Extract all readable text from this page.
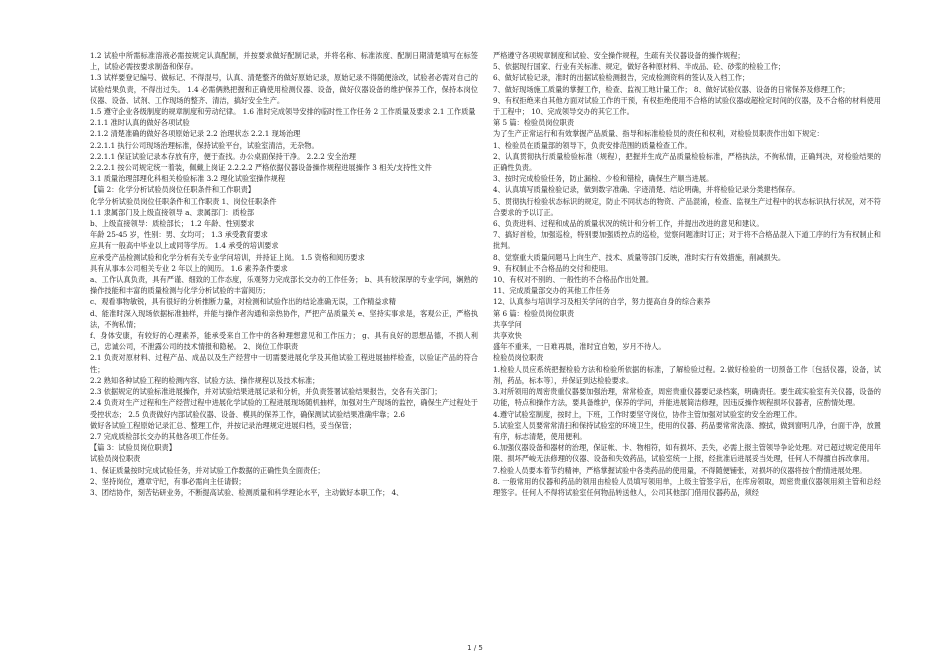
1.2 试验中所需标准溶液必需按规定认真配制，并按要求做好配制记录，并将名称、标准浓度、配制日期清楚填写在标签上，试验必需按要求制备和保存。

1.3 试样要登记编号、做标记、不得混号，认真、清楚整齐的做好原始记录，原始记录不得随便涂改，试验者必需对自己的试验结果负责，不得出过失。 1.4 必需俩熟把握和正确使用检测仪器、设备，做好仪器设备的维护保养工作，保持本岗位仪器、设备、试剂、工作现场的整齐、清洁，搞好安全生产。

1.5 遵守企业各级制度的规章制度和劳动纪律。 1.6 准时完成领导安排的临时性工作任务 2 工作质量及要求 2.1 工作质量

2.1.1 准时认真的做好各项试验

2.1.2 清楚准确的做好各项原始记录 2.2 治理状态 2.2.1 现场治理

2.2.1.1 执行公司现场治理标准，保持试验平台，试验室清洁，无杂物。

2.2.1.1 保证试验记录本存放有序，便于查找。办公桌面保持干净。 2.2.2 安全治理

2.2.2.1 按公司规定统一着装，佩戴上岗证 2.2.2.2 严格依据仪器设备操作规程进展操作 3 相关/支持性文件

3.1 质量治理部理化科相关检验标准 3.2 理化试验室操作规程

【篇 2：化学分析试验员岗位任职条件和工作职责】

化学分析试验员岗位任职条件和工作职责 1、岗位任职条件

1.1 隶属部门及上级直接领导 a、隶属部门：质检部

b、上级直接领导：质检部长； 1.2 年龄、性别要求

年龄 25-45 岁，性别：男、女均可； 1.3 承受教育要求

应具有一般高中毕业以上或同等学历。 1.4 承受的培训要求

应承受产品检测试验和化学分析有关专业学问培训，并持证上岗。 1.5 资格和阅历要求

具有从事本公司相关专业 2 年以上的阅历。 1.6 素养条件要求

a、工作认真负责，具有严谨、细致的工作态度，乐观努力完成部长交办的工作任务； b、具有较深厚的专业学问，娴熟的操作技能和丰富的质量检测与化学分析试验的丰富阅历；

c、观看事物敏锐，具有很好的分析推断力量，对检测和试验作出的结论准确无误，工作精益求精

d、能准时深入现场依据标准抽样，并能与操作者沟通和亲热协作，严把产品质量关 e、坚持实事求是，客观公正，严格执法，不徇私情；

f、身体安康，有较好的心理素养，能承受来自工作中的各种理想意见和工作压力； g、具有良好的思想品德，不损人利己，忠诚公司，不泄露公司的技术情报和隐秘。 2、岗位工作职责

2.1 负责对原材料、过程产品、成品以及生产经营中一切需要进展化学及其他试验工程进展抽样检查，以验证产品的符合性；

2.2 熟知各种试验工程的检测内容、试验方法、操作规程以及技术标准；

2.3 依据规定的试验标准进展操作，并对试验结果进展记录和分析，并负责签署试验结果报告，交各有关部门；

2.4 负责对生产过程和生产经营过程中进展化学试验的工程进展现场随机抽样，加强对生产现场的监控，确保生产过程处于受控状态； 2.5 负责做好内部试验仪器、设备、模具的保养工作，确保测试试验结果准确牢靠；2.6

做好各试验工程原始记录汇总、整理工作，并按记录治理规定进展归档，妥当保管；

2.7 完成质检部长交办的其他各项工作任务。

【篇 3：试验员岗位职责】

试验员岗位职责

1、保证质量按时完成试验任务，并对试验工作数据的正确性负全面责任；

2、坚持岗位，遵章守纪，有事必需向主任请假；

3、团结协作，刻苦钻研业务，不断提高试验、检测质量和科学理论水平，主动做好本职工作； 4、

严格遵守各项规章制度和试验、安全操作规程，生疏有关仪器设备的操作规程；

5、依据现行国家、行业有关标准、规定，做好各种原材料、半成品、砼、砂浆的检验工作；

6、做好试验记录，准时的出据试验检测报告，完成检测资料的签认及入档工作；

7、做好现场施工质量的掌握工作，检查、监视工地计量工作； 8、做好试验仪器、设备的日常保养及修理工作；

9、有权拒绝来自其他方面对试验工作的干预，有权拒绝使用不合格的试验仪器或超检定时间的仪器，及不合格的材料使用于工程中； 10、完成领导交办的其它工作。

第 5 篇：检验员岗位职责

为了生产正常运行和有效掌握产品质量、指导和标准检验员的责任和权利，对检验员职责作出如下规定：

1、检验员在质量部的领导下，负责安排范围的质量检查工作。

2、认真贯彻执行质量检验标准（规程），把握并生成产品质量检验标准，严格执法，不徇私情，正确判决，对检验结果的正确性负责。

3、按时完成检验任务，防止漏检、少检和错检，确保生产顺当进展。

4、认真填写质量检验记录，做到数字准确、字迹清楚、结论明确，并将检验记录分类建档保存。

5、贯彻执行检验状态标识的规定，防止不同状态的物资、产品混淆，检查、监视生产过程中的状态标识执行状况，对不符合要求的予以订正。

6、负责进料、过程和成品的质量状况的统计和分析工作，并提出改进的意见和建议。

7、搞好首检，加强巡检，特别要加强质控点的巡检，觉察问题准时订正；对于将不合格品混入下道工序的行为有权制止和批判。

8、觉察重大质量问题马上向生产、技术、质量等部门反映，准时实行有效措施，削减损失。

9、有权制止不合格品的交付和使用。

10、有权对不别的、一般性的不合格品作出处置。

11、完成质量部交办的其他工作任务

12、认真参与培训学习及相关学问的自学，努力提高自身的综合素养

第 6 篇：检验员岗位职责

共享学问

共享欢快

盛年不重来，一日难再晨，准时宜自勉，岁月不待人。

检验员岗位职责

1.检验人员应系统把握检验方法和检验所依据的标准，了解检验过程。2.做好检验的一切预备工作〔包括仪器，设备，试剂，药品，标本等〕，并保证到达检验要求。

3.对所领用的周密贵重仪器要加强治理，常常检查，周密贵重仪器要记录档案，明确责任。要生疏实验室有关仪器，设备的功能，特点和操作方法，要具备维护，保养的学问，并能进展简洁修理，因违反操作规程损坏仪器者，应酌情处理。

4.遵守试验室制度，按时上，下班，工作时要坚守岗位，协作主管加强对试验室的安全治理工作。

5.试验室人员要常常清扫和保持试验室的环境卫生，使用的仪器、药品要常常洗涤、擦拭，做到窗明几净，台面干净，放置有序，标志清楚，使用便利。

6.加强仪器设备和器材的治理，保证帐、卡、物相符，如有损坏、丢失，必需上报主管领导争论处理。对已超过规定使用年限、损坏严峻无法修理的仪器、设备和失效药品，试验室统一上报，经批准后进展妥当处理，任何人不得擅自拆改拿用。

7.检验人员要本着节约精神，严格掌握试验中各类药品的使用量，不得随便铺张，对损坏的仪器将按个酌情进展处理。

8. 一般常用的仪器和药品的领用由检验人员填写领用单，上级主管签字后，在库房领取，周密贵重仪器领用须主管和总经理签字。任何人不得将试验室任何物品转送他人，公司其他部门借用仪器药品，须经

1 / 5
